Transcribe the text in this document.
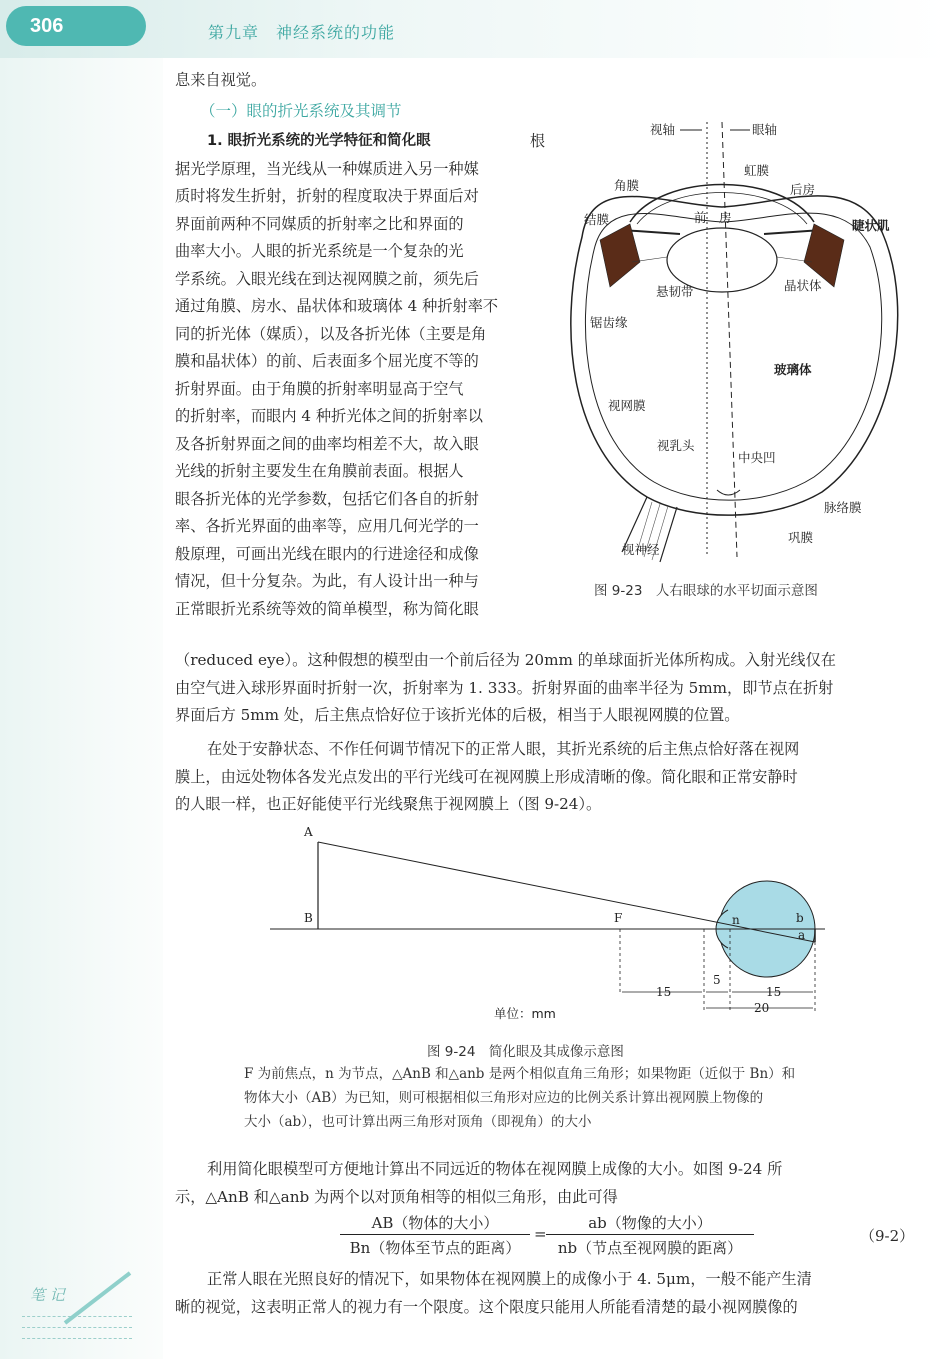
306	第九章　神经系统的功能
息来自视觉。
（一）眼的折光系统及其调节
1. 眼折光系统的光学特征和简化眼	根
据光学原理，当光线从一种媒质进入另一种媒
质时将发生折射，折射的程度取决于界面后对
界面前两种不同媒质的折射率之比和界面的
曲率大小。人眼的折光系统是一个复杂的光
学系统。入眼光线在到达视网膜之前，须先后
通过角膜、房水、晶状体和玻璃体 4 种折射率不
同的折光体（媒质），以及各折光体（主要是角
膜和晶状体）的前、后表面多个屈光度不等的
折射界面。由于角膜的折射率明显高于空气
的折射率，而眼内 4 种折光体之间的折射率以
及各折射界面之间的曲率均相差不大，故入眼
光线的折射主要发生在角膜前表面。根据人
眼各折光体的光学参数，包括它们各自的折射
率、各折光界面的曲率等，应用几何光学的一
般原理，可画出光线在眼内的行进途径和成像
情况，但十分复杂。为此，有人设计出一种与
正常眼折光系统等效的简单模型，称为简化眼
视轴	眼轴
虹膜
后房
角膜
结膜	前　房
睫状肌
悬韧带	晶状体
锯齿缘
玻璃体
视网膜
视乳头
中央凹
脉络膜
巩膜
视神经
图 9-23　人右眼球的水平切面示意图
（reduced eye）。这种假想的模型由一个前后径为 20mm 的单球面折光体所构成。入射光线仅在
由空气进入球形界面时折射一次，折射率为 1. 333。折射界面的曲率半径为 5mm，即节点在折射
界面后方 5mm 处，后主焦点恰好位于该折光体的后极，相当于人眼视网膜的位置。
在处于安静状态、不作任何调节情况下的正常人眼，其折光系统的后主焦点恰好落在视网
膜上，由远处物体各发光点发出的平行光线可在视网膜上形成清晰的像。简化眼和正常安静时
的人眼一样，也正好能使平行光线聚焦于视网膜上（图 9-24）。
A
B	F	n	b
a
15
5
15
20
单位：mm
图 9-24　简化眼及其成像示意图
F 为前焦点，n 为节点，△AnB 和△anb 是两个相似直角三角形；如果物距（近似于 Bn）和
物体大小（AB）为已知，则可根据相似三角形对应边的比例关系计算出视网膜上物像的
大小（ab），也可计算出两三角形对顶角（即视角）的大小
利用简化眼模型可方便地计算出不同远近的物体在视网膜上成像的大小。如图 9-24 所
示，△AnB 和△anb 为两个以对顶角相等的相似三角形，由此可得
AB（物体的大小）
Bn（物体至节点的距离）
=
ab（物像的大小）
nb（节点至视网膜的距离）
（9-2）
正常人眼在光照良好的情况下，如果物体在视网膜上的成像小于 4. 5μm，一般不能产生清
晰的视觉，这表明正常人的视力有一个限度。这个限度只能用人所能看清楚的最小视网膜像的
笔 记
